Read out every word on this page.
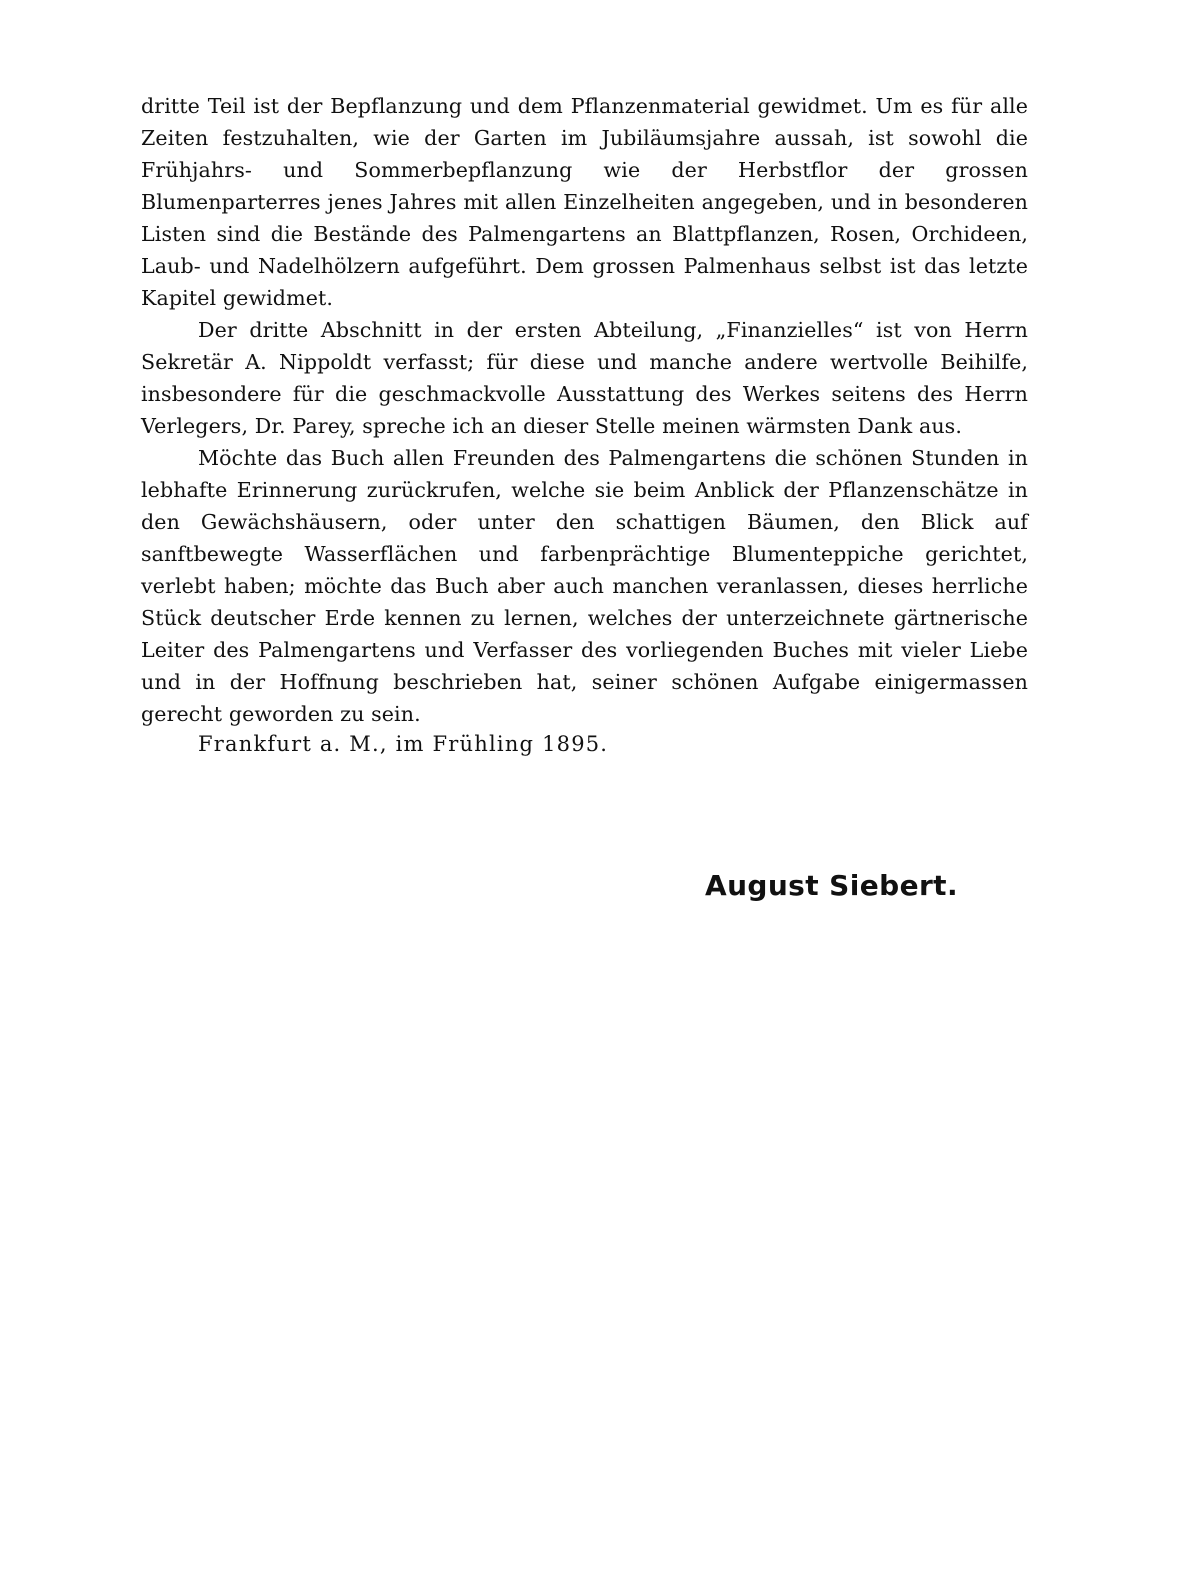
dritte Teil ist der Bepflanzung und dem Pflanzenmaterial gewidmet. Um es für alle Zeiten festzuhalten, wie der Garten im Jubiläumsjahre aussah, ist sowohl die Frühjahrs- und Sommerbepflanzung wie der Herbstflor der grossen Blumenparterres jenes Jahres mit allen Einzelheiten angegeben, und in besonderen Listen sind die Bestände des Palmengartens an Blattpflanzen, Rosen, Orchideen, Laub- und Nadelhölzern aufgeführt. Dem grossen Palmenhaus selbst ist das letzte Kapitel gewidmet.

Der dritte Abschnitt in der ersten Abteilung, „Finanzielles“ ist von Herrn Sekretär A. Nippoldt verfasst; für diese und manche andere wertvolle Beihilfe, insbesondere für die geschmackvolle Ausstattung des Werkes seitens des Herrn Verlegers, Dr. Parey, spreche ich an dieser Stelle meinen wärmsten Dank aus.

Möchte das Buch allen Freunden des Palmengartens die schönen Stunden in lebhafte Erinnerung zurückrufen, welche sie beim Anblick der Pflanzenschätze in den Gewächshäusern, oder unter den schattigen Bäumen, den Blick auf sanftbewegte Wasserflächen und farbenprächtige Blumenteppiche gerichtet, verlebt haben; möchte das Buch aber auch manchen veranlassen, dieses herrliche Stück deutscher Erde kennen zu lernen, welches der unterzeichnete gärtnerische Leiter des Palmengartens und Verfasser des vorliegenden Buches mit vieler Liebe und in der Hoffnung beschrieben hat, seiner schönen Aufgabe einigermassen gerecht geworden zu sein.

Frankfurt a. M., im Frühling 1895.
August Siebert.
